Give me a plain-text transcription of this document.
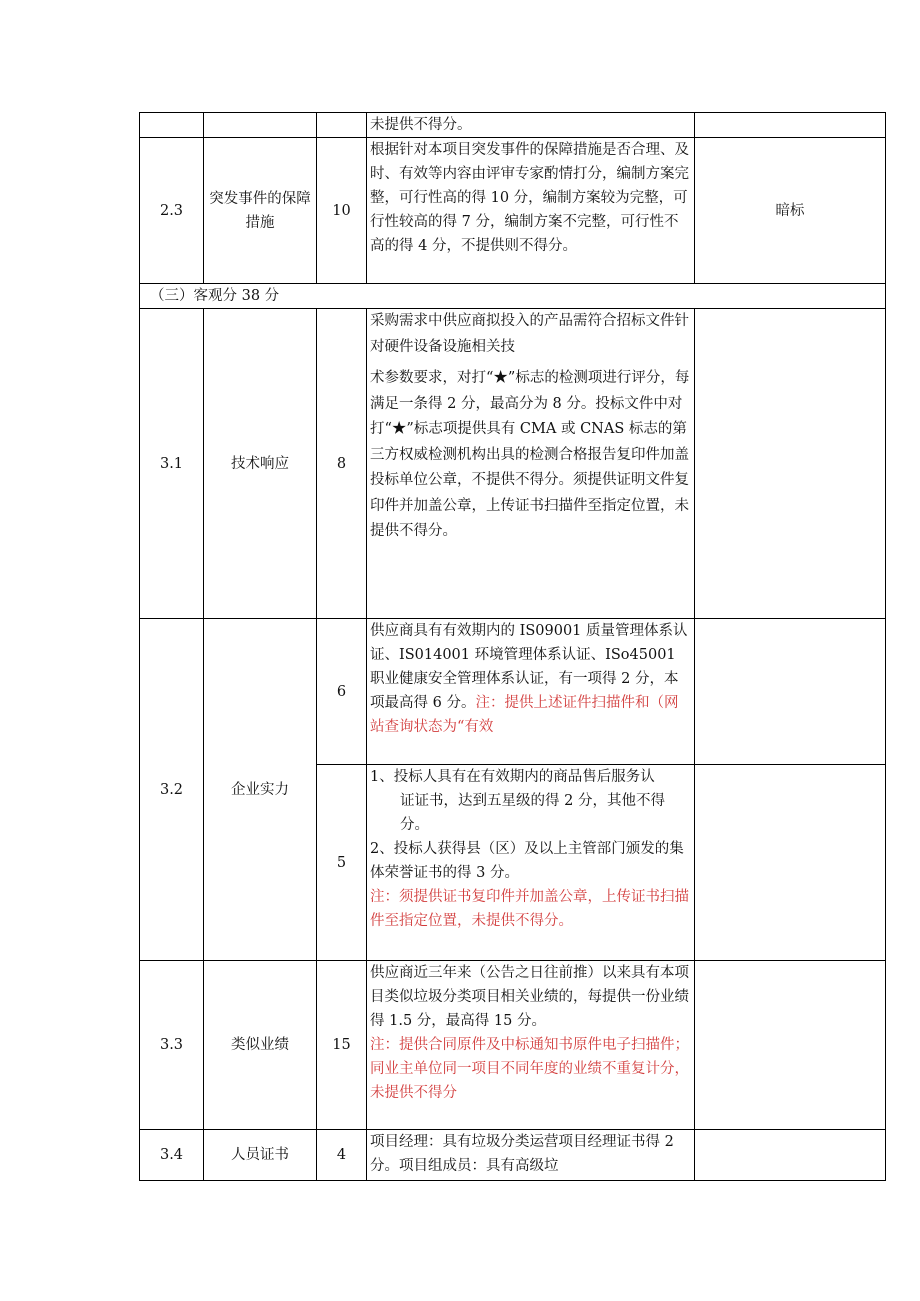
			未提供不得分。	
2.3	突发事件的保障措施	10	根据针对本项目突发事件的保障措施是否合理、及时、有效等内容由评审专家酌情打分，编制方案完整，可行性高的得 10 分，编制方案较为完整，可行性较高的得 7 分，编制方案不完整，可行性不高的得 4 分，不提供则不得分。	暗标
（三）客观分 38 分				
3.1	技术响应	8	采购需求中供应商拟投入的产品需符合招标文件针对硬件设备设施相关技
术参数要求，对打“★”标志的检测项进行评分，每满足一条得 2 分，最高分为 8 分。投标文件中对打“★”标志项提供具有 CMA 或 CNAS 标志的第三方权威检测机构出具的检测合格报告复印件加盖投标单位公章，不提供不得分。须提供证明文件复印件并加盖公章，上传证书扫描件至指定位置，未提供不得分。	

3.2	企业实力	6	供应商具有有效期内的 IS09001 质量管理体系认证、IS014001 环境管理体系认证、ISo45001 职业健康安全管理体系认证，有一项得 2 分，本项最高得 6 分。注：提供上述证件扫描件和（网站查询状态为“有效	
		5	1、投标人具有在有效期内的商品售后服务认
证证书，达到五星级的得 2 分，其他不得分。
2、投标人获得县（区）及以上主管部门颁发的集体荣誉证书的得 3 分。
注：须提供证书复印件并加盖公章，上传证书扫描件至指定位置，未提供不得分。	

3.3	类似业绩	15	供应商近三年来（公告之日往前推）以来具有本项目类似垃圾分类项目相关业绩的，每提供一份业绩得 1.5 分，最高得 15 分。
注：提供合同原件及中标通知书原件电子扫描件；同业主单位同一项目不同年度的业绩不重复计分，未提供不得分	

3.4	人员证书	4	项目经理：具有垃圾分类运营项目经理证书得 2 分。项目组成员：具有高级垃	
